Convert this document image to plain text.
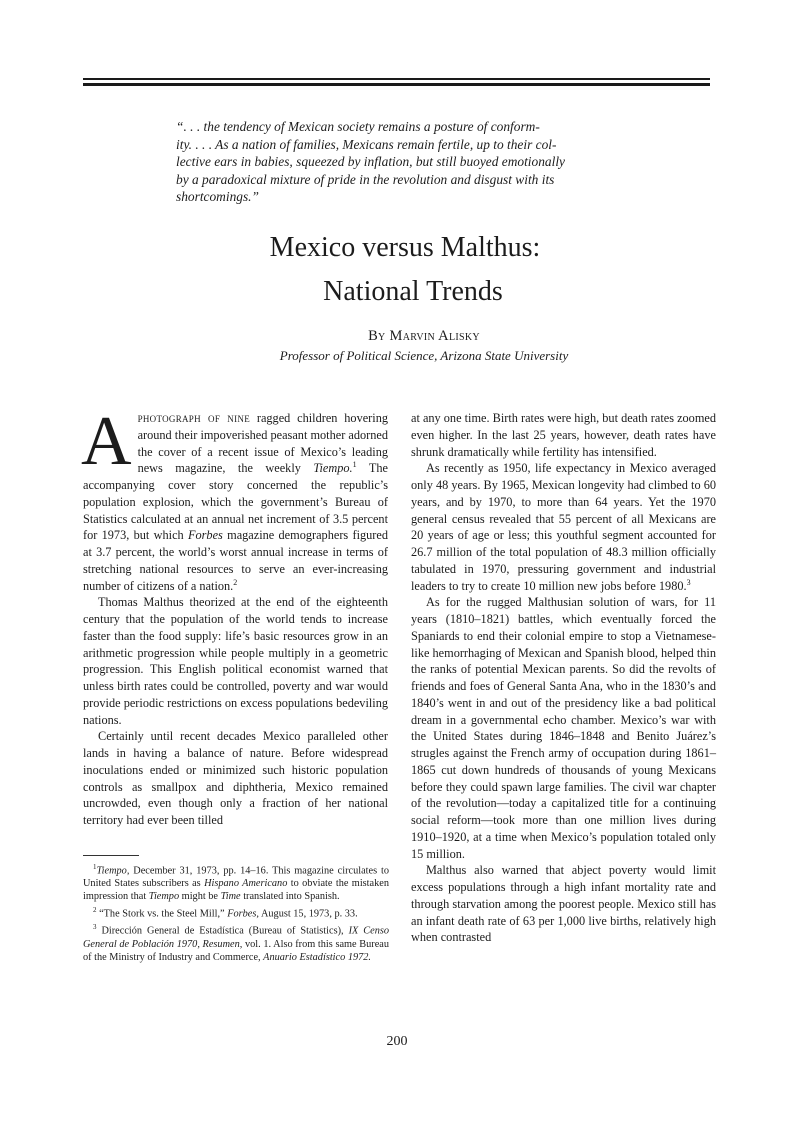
“. . . the tendency of Mexican society remains a posture of conform-
ity. . . . As a nation of families, Mexicans remain fertile, up to their col-
lective ears in babies, squeezed by inflation, but still buoyed emotionally
by a paradoxical mixture of pride in the revolution and disgust with its
shortcomings.”
Mexico versus Malthus:
National Trends
By Marvin Alisky
Professor of Political Science, Arizona State University

Aphotograph of nine ragged children hovering around their impoverished peasant mother adorned the cover of a recent issue of Mexico’s leading news magazine, the weekly Tiempo.$^1$ The accompanying cover story concerned the republic’s population explosion, which the government’s Bureau of Statistics calculated at an annual net increment of 3.5 percent for 1973, but which Forbes magazine demographers figured at 3.7 percent, the world’s worst annual increase in terms of stretching national resources to serve an ever-increasing number of citizens of a nation.$^2$

Thomas Malthus theorized at the end of the eighteenth century that the population of the world tends to increase faster than the food supply: life’s basic resources grow in an arithmetic progression while people multiply in a geometric progression. This English political economist warned that unless birth rates could be controlled, poverty and war would provide periodic restrictions on excess populations bedeviling nations.

Certainly until recent decades Mexico paralleled other lands in having a balance of nature. Before widespread inoculations ended or minimized such historic population controls as smallpox and diphtheria, Mexico remained uncrowded, even though only a fraction of her national territory had ever been tilled

$^1$Tiempo, December 31, 1973, pp. 14–16. This magazine circulates to United States subscribers as Hispano Americano to obviate the mistaken impression that Tiempo might be Time translated into Spanish.

$^2$ “The Stork vs. the Steel Mill,” Forbes, August 15, 1973, p. 33.

$^3$ Dirección General de Estadística (Bureau of Statistics), IX Censo General de Población 1970, Resumen, vol. 1. Also from this same Bureau of the Ministry of Industry and Commerce, Anuario Estadístico 1972.

at any one time. Birth rates were high, but death rates zoomed even higher. In the last 25 years, however, death rates have shrunk dramatically while fertility has intensified.

As recently as 1950, life expectancy in Mexico averaged only 48 years. By 1965, Mexican longevity had climbed to 60 years, and by 1970, to more than 64 years. Yet the 1970 general census revealed that 55 percent of all Mexicans are 20 years of age or less; this youthful segment accounted for 26.7 million of the total population of 48.3 million officially tabulated in 1970, pressuring government and industrial leaders to try to create 10 million new jobs before 1980.$^3$

As for the rugged Malthusian solution of wars, for 11 years (1810–1821) battles, which eventually forced the Spaniards to end their colonial empire to stop a Vietnamese-like hemorrhaging of Mexican and Spanish blood, helped thin the ranks of potential Mexican parents. So did the revolts of friends and foes of General Santa Ana, who in the 1830’s and 1840’s went in and out of the presidency like a bad political dream in a governmental echo chamber. Mexico’s war with the United States during 1846–1848 and Benito Juárez’s strugles against the French army of occupation during 1861–1865 cut down hundreds of thousands of young Mexicans before they could spawn large families. The civil war chapter of the revolution—today a capitalized title for a continuing social reform—took more than one million lives during 1910–1920, at a time when Mexico’s population totaled only 15 million.

Malthus also warned that abject poverty would limit excess populations through a high infant mortality rate and through starvation among the poorest people. Mexico still has an infant death rate of 63 per 1,000 live births, relatively high when contrasted

200
